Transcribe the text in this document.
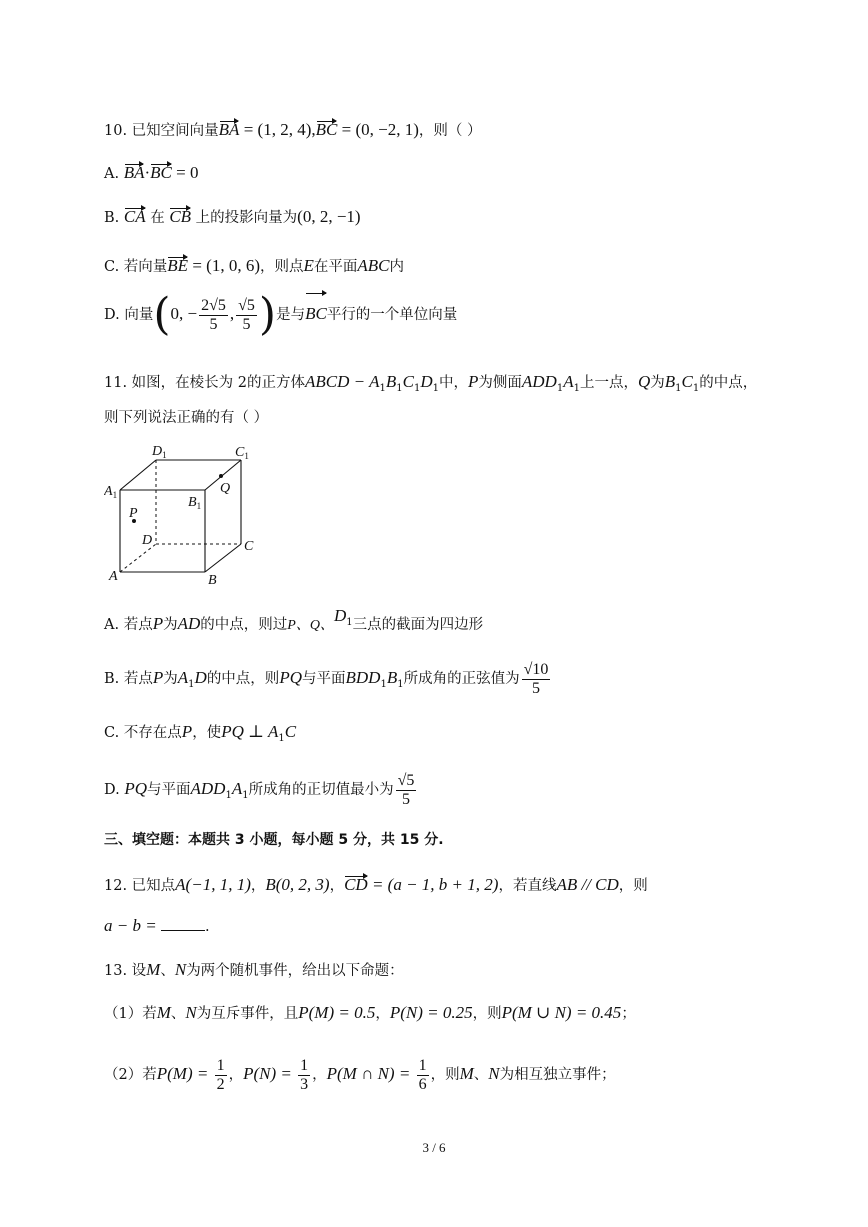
10. 已知空间向量BA = (1, 2, 4),BC = (0, −2, 1)，则（ ）
A. BA·BC = 0
B. CA 在 CB 上的投影向量为(0, 2, −1)
C. 若向量BE = (1, 0, 6)，则点E在平面ABC内
D. 向量(0, − $\frac{2√5}{5}$ , $\frac{√5}{5}$ )是与BC平行的一个单位向量
11. 如图，在棱长为 2的正方体ABCD − $A_1B_1C_1D_1$中，P为侧面$ADD_1A_1$上一点，Q为$B_1C_1$的中点，
则下列说法正确的有（ ）
$D_1$	$C_1$
$A_1$	$B_1$
Q
P
D	C
A	B
A. 若点P为AD的中点，则过P、Q、$D_1$三点的截面为四边形
B. 若点P为$A_1D$的中点，则PQ与平面$BDD_1B_1$所成角的正弦值为 $\frac{√10}{5}$
C. 不存在点P，使PQ ⊥ $A_1C$
D. PQ与平面$ADD_1A_1$所成角的正切值最小为 $\frac{√5}{5}$
三、填空题：本题共 3 小题，每小题 5 分，共 15 分.
12. 已知点A(−1, 1, 1)，B(0, 2, 3)，CD = (a − 1, b + 1, 2)，若直线AB // CD，则
a − b =	.
13. 设M、N为两个随机事件，给出以下命题：
（1）若M、N为互斥事件，且P(M) = 0.5，P(N) = 0.25，则P(M ∪ N) = 0.45；
（2）若$P(M) = \frac{1}{2}$ ，$P(N) = \frac{1}{3}$ ，P(M ∩ $N) = \frac{1}{6}$ ，则M、N为相互独立事件；
3 / 6
